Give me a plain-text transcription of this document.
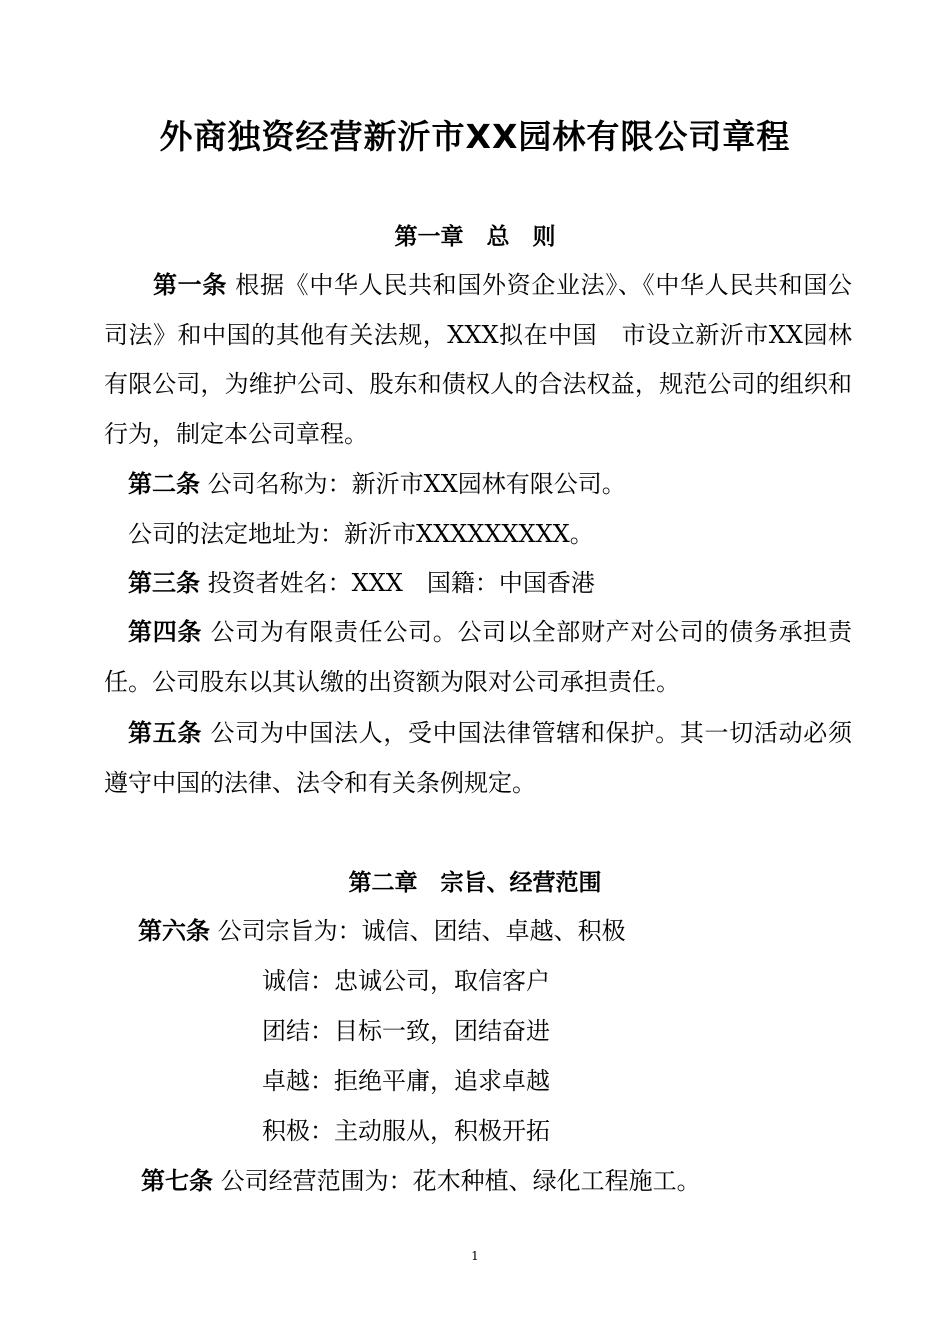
外商独资经营新沂市XX园林有限公司章程
第一章　总　则

第一条 根据《中华人民共和国外资企业法》、《中华人民共和国公司法》和中国的其他有关法规，XXX拟在中国　市设立新沂市XX园林有限公司，为维护公司、股东和债权人的合法权益，规范公司的组织和行为，制定本公司章程。

第二条 公司名称为：新沂市XX园林有限公司。

公司的法定地址为：新沂市XXXXXXXXX。

第三条 投资者姓名：XXX　国籍：中国香港

第四条 公司为有限责任公司。公司以全部财产对公司的债务承担责任。公司股东以其认缴的出资额为限对公司承担责任。

第五条 公司为中国法人，受中国法律管辖和保护。其一切活动必须遵守中国的法律、法令和有关条例规定。

第二章　宗旨、经营范围

第六条 公司宗旨为：诚信、团结、卓越、积极

诚信：忠诚公司，取信客户

团结：目标一致，团结奋进

卓越：拒绝平庸，追求卓越

积极：主动服从，积极开拓

第七条 公司经营范围为：花木种植、绿化工程施工。

1
